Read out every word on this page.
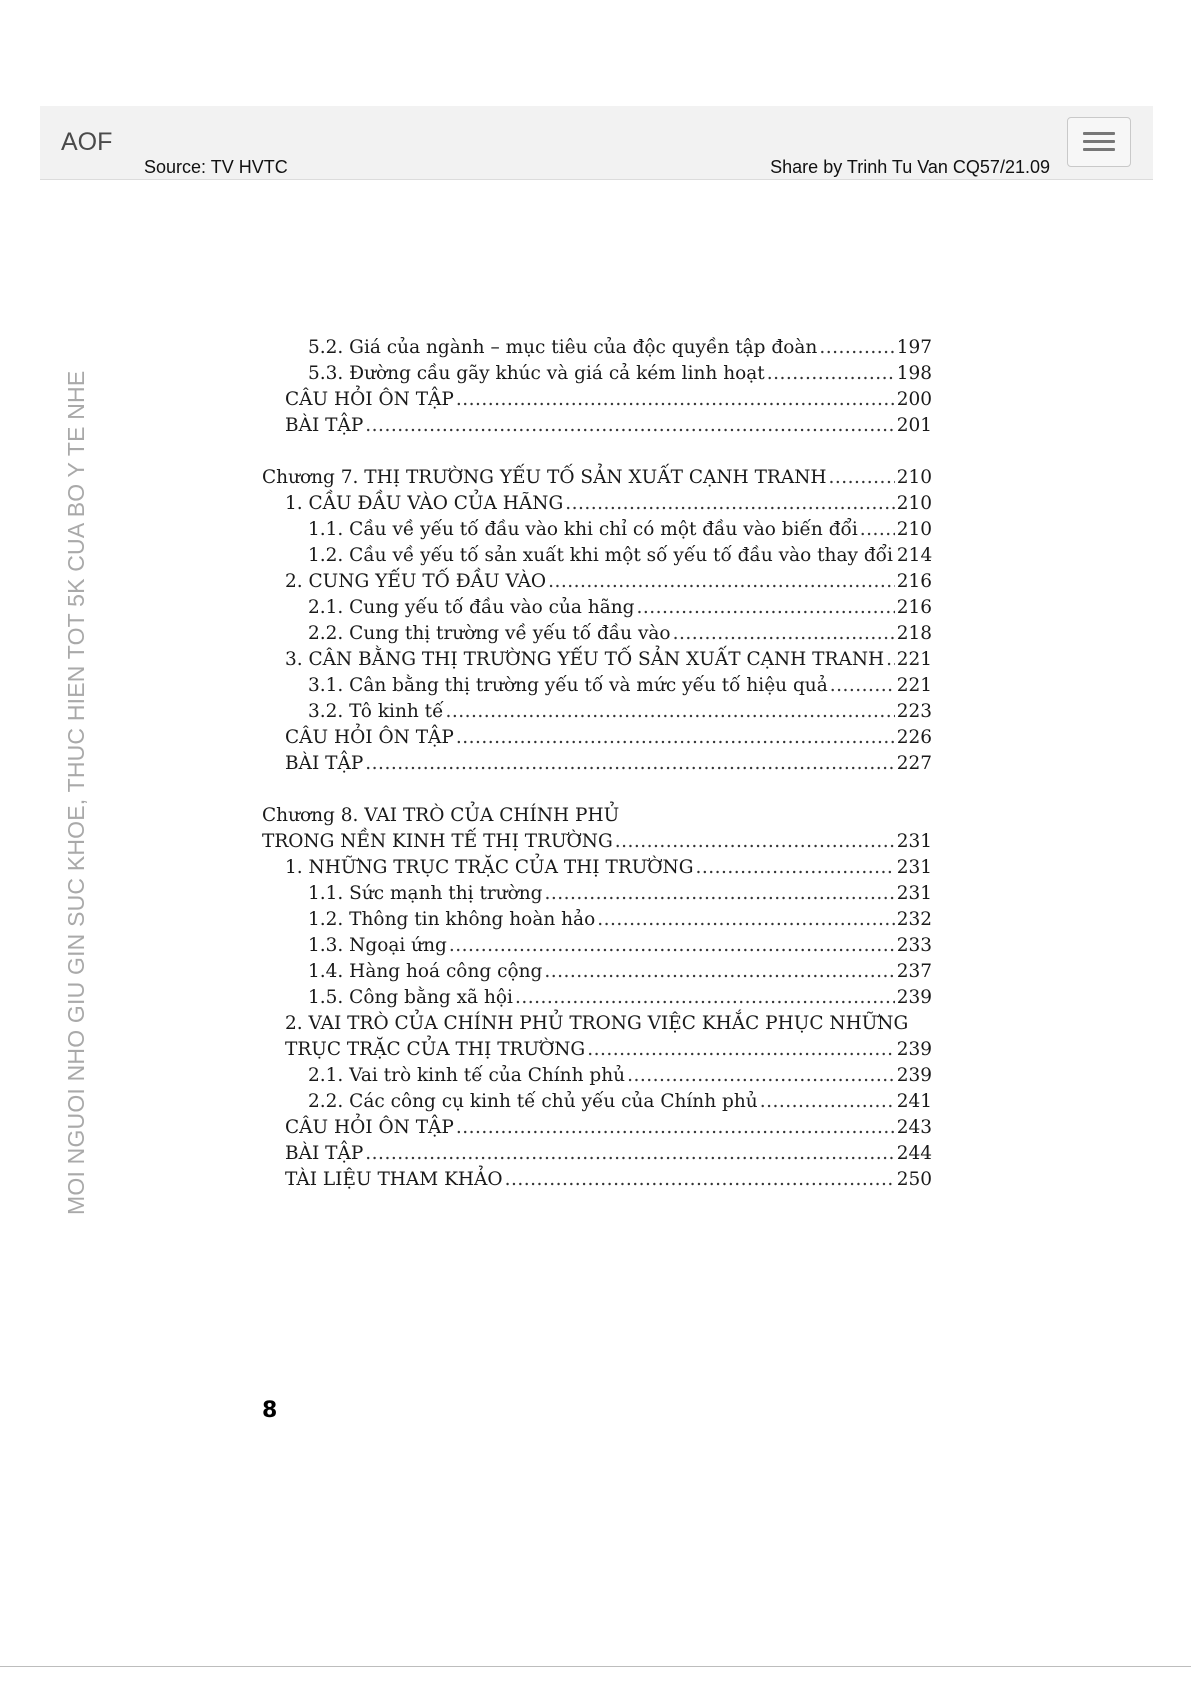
AOF
Source: TV HVTC	Share by Trinh Tu Van CQ57/21.09
MOI NGUOI NHO GIU GIN SUC KHOE, THUC HIEN TOT 5K CUA BO Y TE NHE
5.2. Giá của ngành – mục tiêu của độc quyền tập đoàn .....	197
5.3. Đường cầu gãy khúc và giá cả kém linh hoạt .....	198
CÂU HỎI ÔN TẬP .....	200
BÀI TẬP .....	201
Chương 7. THỊ TRƯỜNG YẾU TỐ SẢN XUẤT CẠNH TRANH .....	210
1. CẦU ĐẦU VÀO CỦA HÃNG .....	210
1.1. Cầu về yếu tố đầu vào khi chỉ có một đầu vào biến đổi ..... 210
1.2. Cầu về yếu tố sản xuất khi một số yếu tố đầu vào thay đổi 214
2. CUNG YẾU TỐ ĐẦU VÀO .....	216
2.1. Cung yếu tố đầu vào của hãng .....	216
2.2. Cung thị trường về yếu tố đầu vào .....	218
3. CÂN BẰNG THỊ TRƯỜNG YẾU TỐ SẢN XUẤT CẠNH TRANH ..... 221
3.1. Cân bằng thị trường yếu tố và mức yếu tố hiệu quả .....	221
3.2. Tô kinh tế .....	223
CÂU HỎI ÔN TẬP .....	226
BÀI TẬP .....	227
Chương 8. VAI TRÒ CỦA CHÍNH PHỦ
TRONG NỀN KINH TẾ THỊ TRƯỜNG .....	231
1. NHỮNG TRỤC TRẶC CỦA THỊ TRƯỜNG .....	231
1.1. Sức mạnh thị trường .....	231
1.2. Thông tin không hoàn hảo .....	232
1.3. Ngoại ứng .....	233
1.4. Hàng hoá công cộng .....	237
1.5. Công bằng xã hội .....	239
2. VAI TRÒ CỦA CHÍNH PHỦ TRONG VIỆC KHẮC PHỤC NHỮNG
TRỤC TRẶC CỦA THỊ TRƯỜNG .....	239
2.1. Vai trò kinh tế của Chính phủ .....	239
2.2. Các công cụ kinh tế chủ yếu của Chính phủ .....	241
CÂU HỎI ÔN TẬP .....	243
BÀI TẬP .....	244
TÀI LIỆU THAM KHẢO .....	250
8
